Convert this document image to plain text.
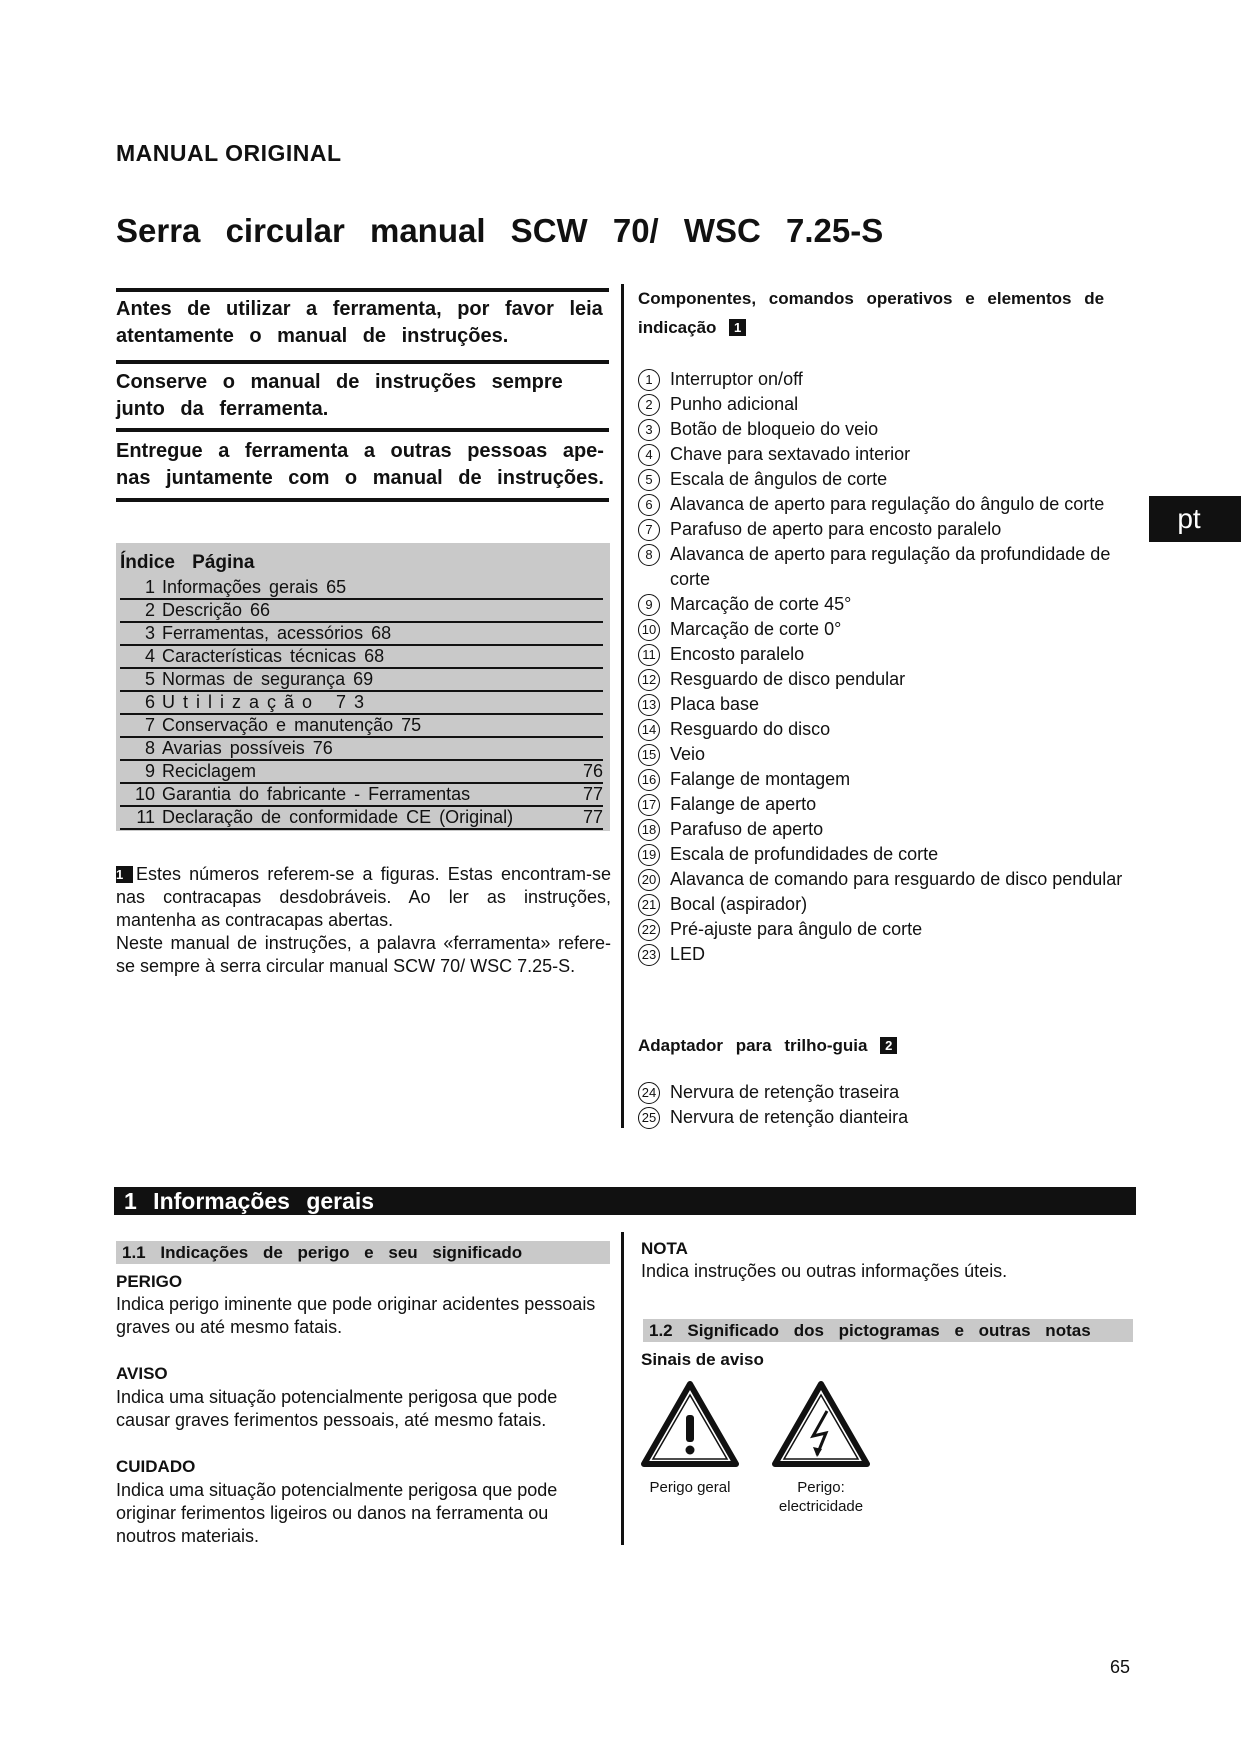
MANUAL ORIGINAL
Serra circular manual SCW 70/ WSC 7.25-S
Antes de utilizar a ferramenta, por favor leia
atentamente o manual de instruções.
Conserve o manual de instruções sempre
junto da ferramenta.
Entregue a ferramenta a outras pessoas ape-
nas juntamente com o manual de instruções.
Índice Página
1 Informações gerais 65
2 Descrição 66
3 Ferramentas, acessórios 68
4 Características técnicas 68
5 Normas de segurança 69
6 U t i l i z a ç ã o   7 3
7 Conservação e manutenção 75
8 Avarias possíveis 76
9 Reciclagem	76
10 Garantia do fabricante - Ferramentas	77
11 Declaração de conformidade CE (Original)	77

1 Estes números referem-se a figuras. Estas encontram-se nas contracapas desdobráveis. Ao ler as instruções, mantenha as contracapas abertas.

Neste manual de instruções, a palavra «ferramenta» refere-se sempre à serra circular manual SCW 70/ WSC 7.25-S.

Componentes, comandos operativos e elementos de
indicação 1
1 Interruptor on/off
2 Punho adicional
3 Botão de bloqueio do veio
4 Chave para sextavado interior
5 Escala de ângulos de corte
6 Alavanca de aperto para regulação do ângulo de corte
7 Parafuso de aperto para encosto paralelo
8 Alavanca de aperto para regulação da profundidade de corte
9 Marcação de corte 45°
10 Marcação de corte 0°
11 Encosto paralelo
12 Resguardo de disco pendular
13 Placa base
14 Resguardo do disco
15 Veio
16 Falange de montagem
17 Falange de aperto
18 Parafuso de aperto
19 Escala de profundidades de corte
20 Alavanca de comando para resguardo de disco pendular
21 Bocal (aspirador)
22 Pré-ajuste para ângulo de corte
23 LED
Adaptador para trilho-guia 2
24 Nervura de retenção traseira
25 Nervura de retenção dianteira
pt
1 Informações gerais
1.1 Indicações de perigo e seu significado
PERIGO
Indica perigo iminente que pode originar acidentes pessoais graves ou até mesmo fatais.
AVISO
Indica uma situação potencialmente perigosa que pode causar graves ferimentos pessoais, até mesmo fatais.
CUIDADO
Indica uma situação potencialmente perigosa que pode originar ferimentos ligeiros ou danos na ferramenta ou noutros materiais.
NOTA
Indica instruções ou outras informações úteis.
1.2 Significado dos pictogramas e outras notas
Sinais de aviso
Perigo geral	Perigo:
electricidade
65
